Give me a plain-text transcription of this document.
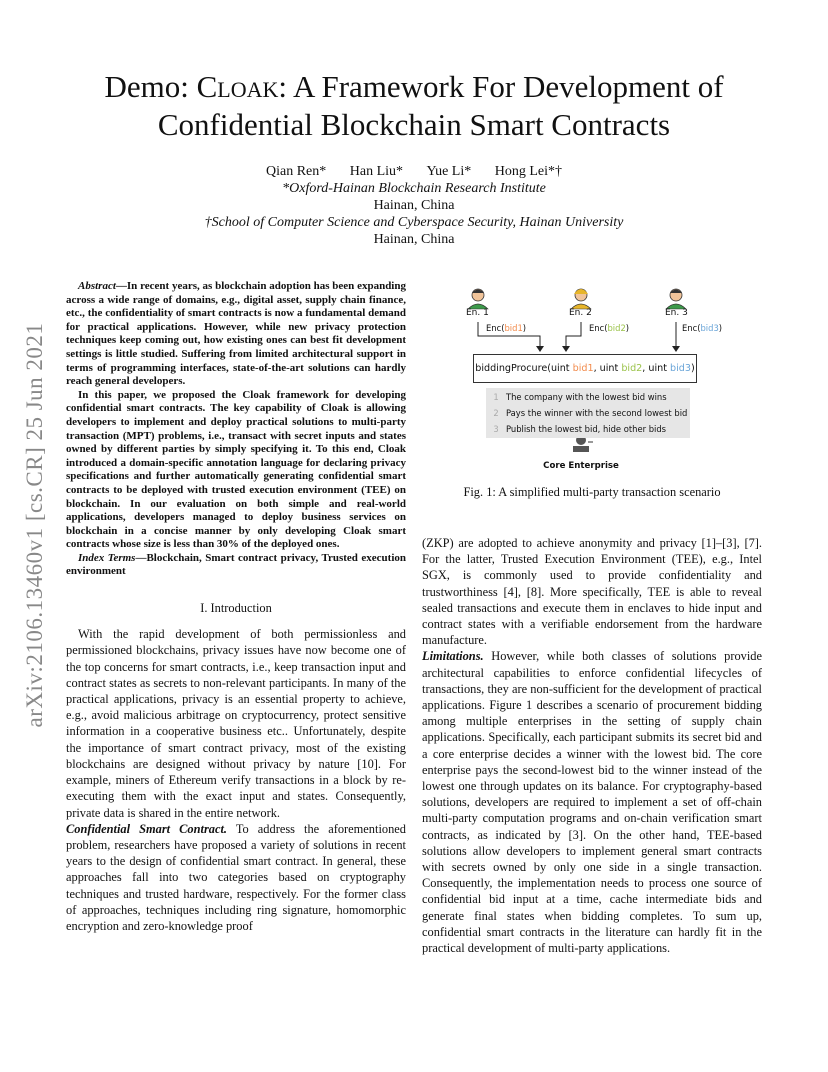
arXiv:2106.13460v1 [cs.CR] 25 Jun 2021
Demo: Cloak: A Framework For Development of
Confidential Blockchain Smart Contracts
Qian Ren* Han Liu* Yue Li* Hong Lei*†
*Oxford-Hainan Blockchain Research Institute
Hainan, China
†School of Computer Science and Cyberspace Security, Hainan University
Hainan, China

Abstract—In recent years, as blockchain adoption has been expanding across a wide range of domains, e.g., digital asset, supply chain finance, etc., the confidentiality of smart contracts is now a fundamental demand for practical applications. However, while new privacy protection techniques keep coming out, how existing ones can best fit development settings is little studied. Suffering from limited architectural support in terms of programming interfaces, state-of-the-art solutions can hardly reach general developers.

In this paper, we proposed the Cloak framework for developing confidential smart contracts. The key capability of Cloak is allowing developers to implement and deploy practical solutions to multi-party transaction (MPT) problems, i.e., transact with secret inputs and states owned by different parties by simply specifying it. To this end, Cloak introduced a domain-specific annotation language for declaring privacy specifications and further automatically generating confidential smart contracts to be deployed with trusted execution environment (TEE) on blockchain. In our evaluation on both simple and real-world applications, developers managed to deploy business services on blockchain in a concise manner by only developing Cloak smart contracts whose size is less than 30% of the deployed ones.

Index Terms—Blockchain, Smart contract privacy, Trusted execution environment

I. Introduction

With the rapid development of both permissionless and permissioned blockchains, privacy issues have now become one of the top concerns for smart contracts, i.e., keep transaction input and contract states as secrets to non-relevant participants. In many of the practical applications, privacy is an essential property to achieve, e.g., avoid malicious arbitrage on cryptocurrency, protect sensitive information in a cooperative business etc.. Unfortunately, despite the importance of smart contract privacy, most of the existing blockchains are designed without privacy by nature [10]. For example, miners of Ethereum verify transactions in a block by re-executing them with the exact input and states. Consequently, private data is shared in the entire network.

Confidential Smart Contract. To address the aforementioned problem, researchers have proposed a variety of solutions in recent years to the design of confidential smart contract. In general, these approaches fall into two categories based on cryptography techniques and trusted hardware, respectively. For the former class of approaches, techniques including ring signature, homomorphic encryption and zero-knowledge proof

En. 1	En. 2	En. 3
Enc(bid1)	Enc(bid2)	Enc(bid3)
biddingProcure(uint bid1, uint bid2, uint bid3)
1 The company with the lowest bid wins
2 Pays the winner with the second lowest bid
3 Publish the lowest bid, hide other bids
Core Enterprise
Fig. 1: A simplified multi-party transaction scenario

(ZKP) are adopted to achieve anonymity and privacy [1]–[3], [7]. For the latter, Trusted Execution Environment (TEE), e.g., Intel SGX, is commonly used to provide confidentiality and trustworthiness [4], [8]. More specifically, TEE is able to reveal sealed transactions and execute them in enclaves to hide input and contract states with a verifiable endorsement from the hardware manufacture.

Limitations. However, while both classes of solutions provide architectural capabilities to enforce confidential lifecycles of transactions, they are non-sufficient for the development of practical applications. Figure 1 describes a scenario of procurement bidding among multiple enterprises in the setting of supply chain applications. Specifically, each participant submits its secret bid and a core enterprise decides a winner with the lowest bid. The core enterprise pays the second-lowest bid to the winner instead of the lowest one through updates on its balance. For cryptography-based solutions, developers are required to implement a set of off-chain multi-party computation programs and on-chain verification smart contracts, as indicated by [3]. On the other hand, TEE-based solutions allow developers to implement general smart contracts with secrets owned by only one side in a single transaction. Consequently, the implementation needs to process one source of confidential bid input at a time, cache intermediate bids and generate final states when bidding completes. To sum up, confidential smart contracts in the literature can hardly fit in the practical development of multi-party applications.
